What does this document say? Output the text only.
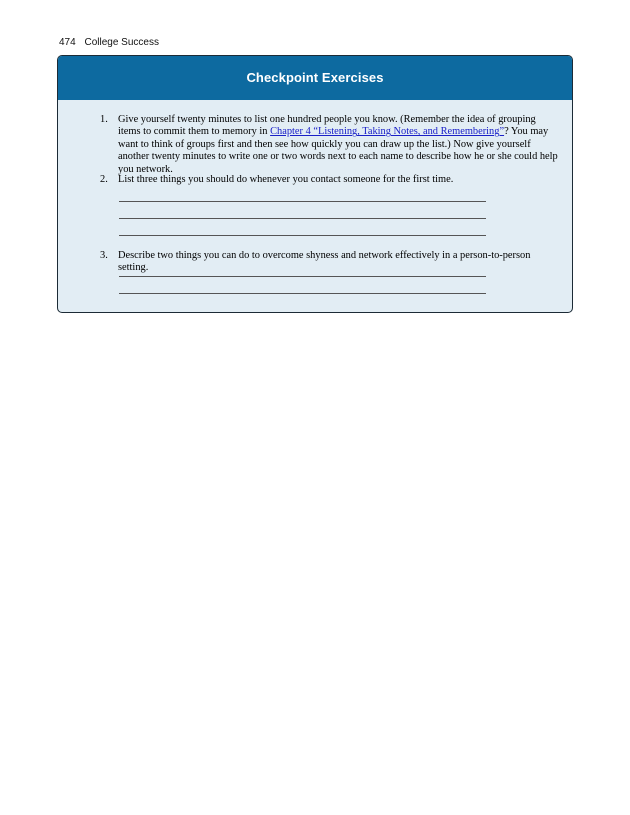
474 College Success
Checkpoint Exercises
1. Give yourself twenty minutes to list one hundred people you know. (Remember the idea of grouping items to commit them to memory in Chapter 4 “Listening, Taking Notes, and Remembering”? You may want to think of groups first and then see how quickly you can draw up the list.) Now give yourself another twenty minutes to write one or two words next to each name to describe how he or she could help you network.
2. List three things you should do whenever you contact someone for the first time.
3. Describe two things you can do to overcome shyness and network effectively in a person-to-person setting.
